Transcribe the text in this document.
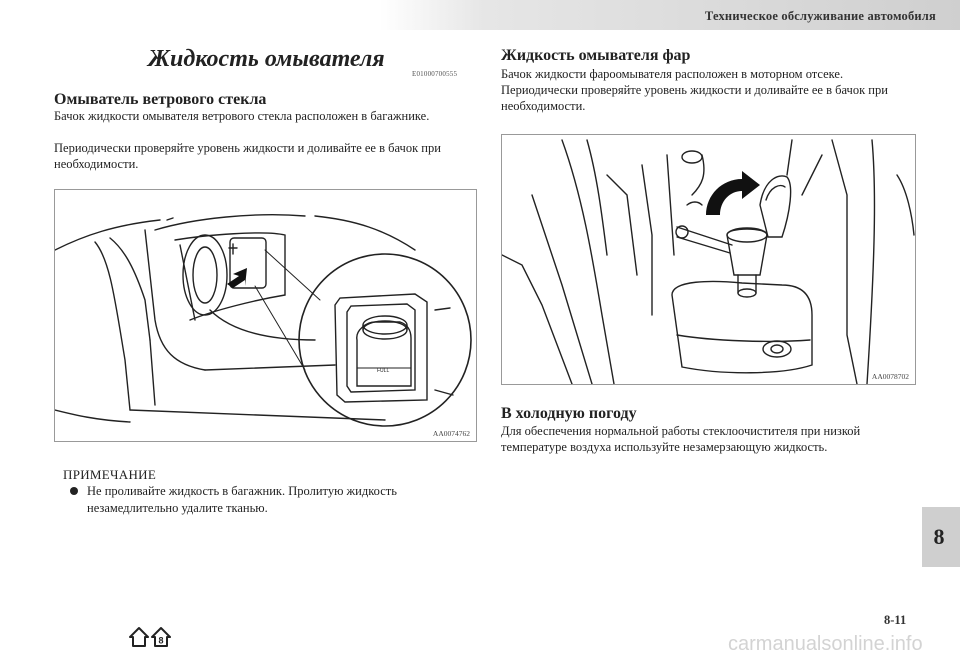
Техническое обслуживание автомобиля
Жидкость омывателя
E01000700555
Омыватель ветрового стекла

Бачок жидкости омывателя ветрового стекла расположен в багажнике.

Периодически проверяйте уровень жидкости и доливайте ее в бачок при необходимости.

FULL
AA0074762
ПРИМЕЧАНИЕ
Не проливайте жидкость в багажник. Пролитую жидкость незамедлительно удалите тканью.
Жидкость омывателя фар

Бачок жидкости фароомывателя расположен в моторном отсеке. Периодически проверяйте уровень жидкости и доливайте ее в бачок при необходимости.

AA0078702
В холодную погоду

Для обеспечения нормальной работы стеклоочистителя при низкой температуре воздуха используйте незамерзающую жидкость.

8
8-11
8	carmanualsonline.info
